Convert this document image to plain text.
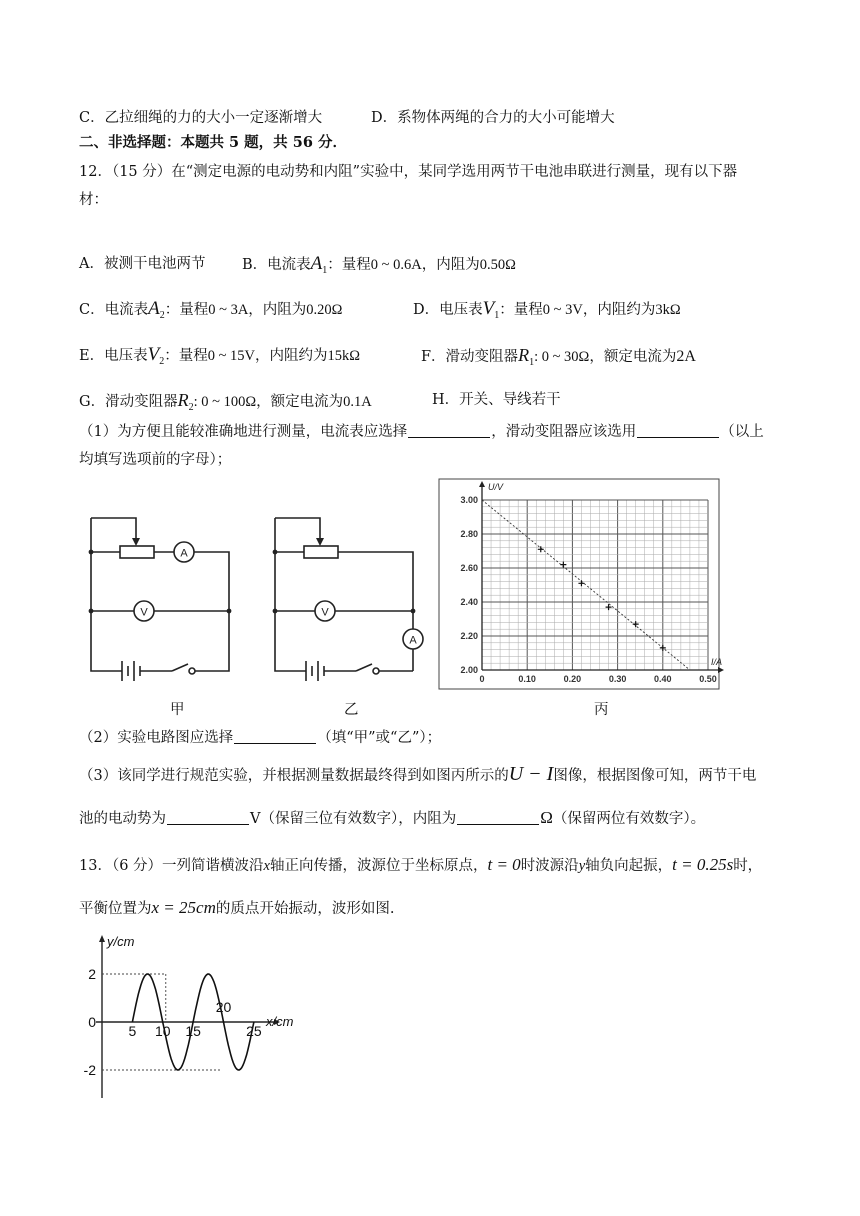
C．乙拉细绳的力的大小一定逐渐增大	D．系物体两绳的合力的大小可能增大
二、非选择题：本题共 5 题，共 56 分．
12．（15 分）在“测定电源的电动势和内阻”实验中，某同学选用两节干电池串联进行测量，现有以下器
材：
A．被测干电池两节	B．电流表$A_1$：量程0 ~ 0.6A，内阻为0.50Ω
C．电流表$A_2$：量程0 ~ 3A，内阻为0.20Ω	D．电压表$V_1$：量程0 ~ 3V，内阻约为3kΩ
E．电压表$V_2$：量程0 ~ 15V，内阻约为15kΩ	F．滑动变阻器$R_1$: 0 ~ 30Ω，额定电流为2A
G．滑动变阻器$R_2$: 0 ~ 100Ω，额定电流为0.1A	H．开关、导线若干
（1）为方便且能较准确地进行测量，电流表应选择	，滑动变阻器应该选用	（以上
均填写选项前的字母）；
A
V	V
A
U/V
I/A
0	0.10	0.20	0.30	0.40	0.50
2.00
2.20
2.40
2.60
2.80
3.00
甲	乙	丙
（2）实验电路图应选择	（填“甲”或“乙”）；
（3）该同学进行规范实验，并根据测量数据最终得到如图丙所示的U − I图像，根据图像可知，两节干电
池的电动势为	V（保留三位有效数字），内阻为	Ω（保留两位有效数字）。
13．（6 分）一列简谐横波沿x轴正向传播，波源位于坐标原点，t = 0时波源沿y轴负向起振，t = 0.25s时，
平衡位置为x = 25cm的质点开始振动，波形如图.
y/cm
x/cm
5 10 15
20
25
2
0
-2
